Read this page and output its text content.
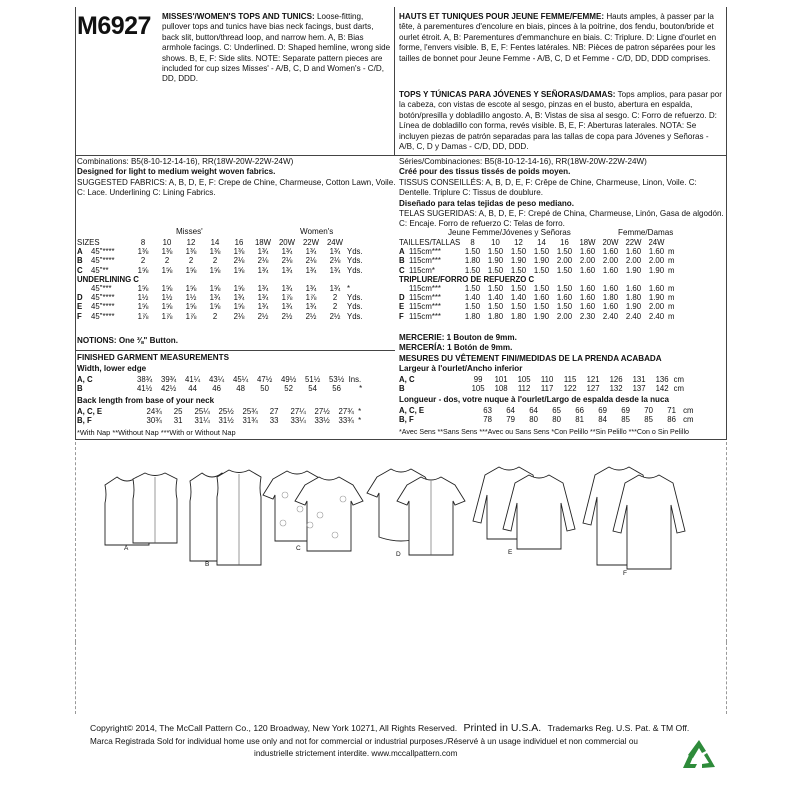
M6927 MISSES'/WOMEN'S TOPS AND TUNICS: Loose-fitting, pullover tops and tunics have bias neck facings, bust darts, back slit, button/thread loop, and narrow hem. A, B: Bias armhole facings. C: Underlined. D: Shaped hemline, wrong side shows. B, E, F: Side slits. NOTE: Separate pattern pieces are included for cup sizes Misses' - A/B, C, D and Women's - C/D, DD, DDD.
HAUTS ET TUNIQUES POUR JEUNE FEMME/FEMME: Hauts amples, à passer par la tête, à parementures d'encolure en biais, pinces à la poitrine, dos fendu, bouton/bride et ourlet étroit. A, B: Parementures d'emmanchure en biais. C: Triplure. D: Ligne d'ourlet en forme, l'envers visible. B, E, F: Fentes latérales. NB: Pièces de patron séparées pour les tailles de bonnet pour Jeune Femme - A/B, C, D et Femme - C/D, DD, DDD comprises.
TOPS Y TÚNICAS PARA JÓVENES Y SEÑORAS/DAMAS: Tops amplios, para pasar por la cabeza, con vistas de escote al sesgo, pinzas en el busto, abertura en espalda, botón/presilla y dobladillo angosto. A, B: Vistas de sisa al sesgo. C: Forro de refuerzo. D: Línea de dobladillo con forma, revés visible. B, E, F: Aberturas laterales. NOTA: Se incluyen piezas de patrón separadas para las tallas de copa para Jóvenes y Señoras - A/B, C, D y Damas - C/D, DD, DDD.
Combinations: B5(8-10-12-14-16), RR(18W-20W-22W-24W)
Designed for light to medium weight woven fabrics.
SUGGESTED FABRICS: A, B, D, E, F: Crepe de Chine, Charmeuse, Cotton Lawn, Voile. C: Lace. Underlining C: Lining Fabrics.
Misses'	Women's
SIZES		8	10	12	14	16	18W	20W	22W	24W	
A	45"****	1⅜	1⅜	1⅜	1⅜	1⅜	1¾	1¾	1¾	1¾	Yds.
B	45"****	2	2	2	2	2⅛	2⅛	2⅛	2⅛	2⅛	Yds.
C	45"**	1⅝	1⅝	1⅝	1⅝	1⅝	1¾	1¾	1¾	1¾	Yds.
UNDERLINING C											
	45"***	1⅝	1⅝	1⅝	1⅝	1⅝	1¾	1¾	1¾	1¾	*
D	45"****	1½	1½	1½	1¾	1¾	1¾	1⅞	1⅞	2	Yds.
E	45"****	1⅝	1⅝	1⅝	1⅝	1⅝	1¾	1¾	1¾	2	Yds.
F	45"****	1⅞	1⅞	1⅞	2	2⅛	2½	2½	2½	2½	Yds.
NOTIONS: One ⅜" Button.
FINISHED GARMENT MEASUREMENTS
Width, lower edge
A, C		38¾	39¾	41¼	43¼	45¼	47½	49½	51½	53½	Ins.	
B		41½	42½	44	46	48	50	52	54	56	*	
Back length from base of your neck
A, C, E		24¾	25	25¼	25½	25¾	27	27¼	27½	27¾	*
B, F		30¾	31	31¼	31½	31¾	33	33¼	33½	33¾	*
*With Nap **Without Nap ***With or Without Nap
Séries/Combinaciones: B5(8-10-12-14-16), RR(18W-20W-22W-24W)
Créé pour des tissus tissés de poids moyen.
TISSUS CONSEILLÉS: A, B, D, E, F: Crêpe de Chine, Charmeuse, Linon, Voile. C: Dentelle. Triplure C: Tissus de doublure.
Diseñado para telas tejidas de peso mediano.
TELAS SUGERIDAS: A, B, D, E, F: Crepé de China, Charmeuse, Linón, Gasa de algodón. C: Encaje. Forro de refuerzo C: Telas de forro.
Jeune Femme/Jóvenes y Señoras	Femme/Damas
TAILLES/TALLAS		8	10	12	14	16	18W	20W	22W	24W	
A	115cm***	1.50	1.50	1.50	1.50	1.50	1.60	1.60	1.60	1.60	m
B	115cm***	1.80	1.90	1.90	1.90	2.00	2.00	2.00	2.00	2.00	m
C	115cm*	1.50	1.50	1.50	1.50	1.50	1.60	1.60	1.90	1.90	m
TRIPLURE/FORRO DE REFUERZO C											
	115cm***	1.50	1.50	1.50	1.50	1.50	1.60	1.60	1.60	1.60	m
D	115cm***	1.40	1.40	1.40	1.60	1.60	1.60	1.80	1.80	1.90	m
E	115cm***	1.50	1.50	1.50	1.50	1.50	1.60	1.60	1.90	2.00	m
F	115cm***	1.80	1.80	1.80	1.90	2.00	2.30	2.40	2.40	2.40	m
MERCERIE: 1 Bouton de 9mm.
MERCERÍA: 1 Botón de 9mm.
MESURES DU VÊTEMENT FINI/MEDIDAS DE LA PRENDA ACABADA
Largeur à l'ourlet/Ancho inferior
A, C		99	101	105	110	115	121	126	131	136	cm
B		105	108	112	117	122	127	132	137	142	cm
Longueur - dos, votre nuque à l'ourlet/Largo de espalda desde la nuca
A, C, E		63	64	64	65	66	69	69	70	71	cm
B, F		78	79	80	80	81	84	85	85	86	cm
*Avec Sens **Sans Sens ***Avec ou Sans Sens *Con Pelillo **Sin Pelillo ***Con o Sin Pelillo
A
B
C
D	E
F
Copyright© 2014, The McCall Pattern Co., 120 Broadway, New York 10271, All Rights Reserved. Printed in U.S.A. Trademarks Reg. U.S. Pat. & TM Off.
Marca Registrada Sold for individual home use only and not for commercial or industrial purposes./Réservé à un usage individuel et non commercial ou
industrielle strictement interdite. www.mccallpattern.com
